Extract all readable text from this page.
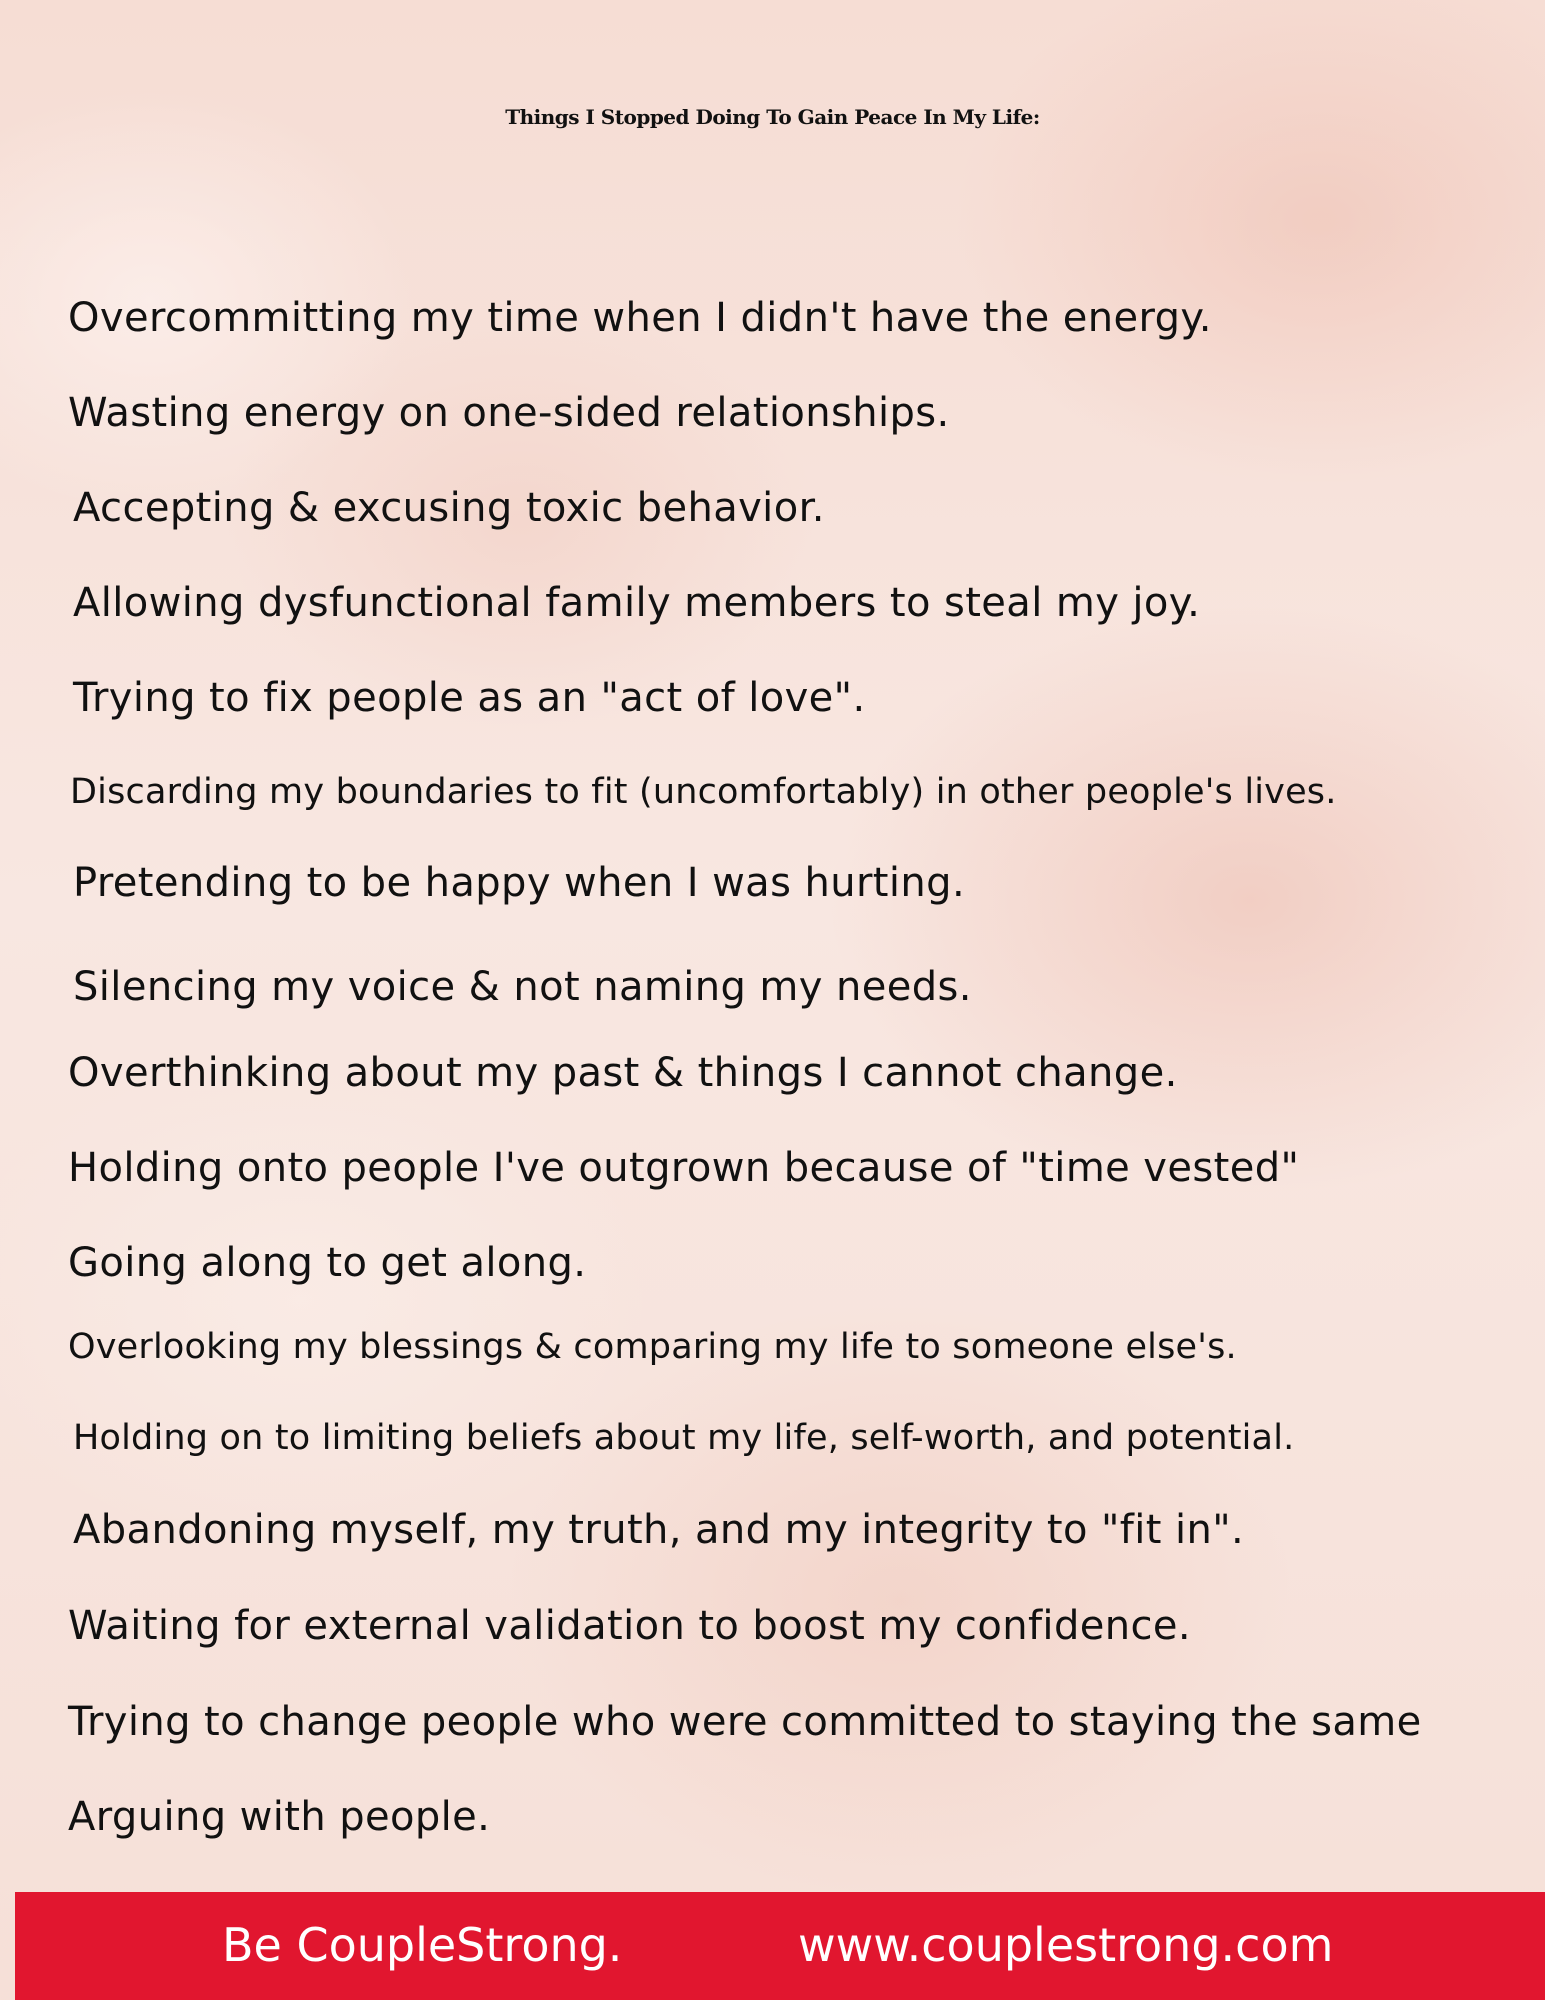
Things I Stopped Doing To Gain Peace In My Life:
Overcommitting my time when I didn't have the energy.
Wasting energy on one-sided relationships.
Accepting & excusing toxic behavior.
Allowing dysfunctional family members to steal my joy.
Trying to fix people as an "act of love".
Discarding my boundaries to fit (uncomfortably) in other people's lives.
Pretending to be happy when I was hurting.
Silencing my voice & not naming my needs.
Overthinking about my past & things I cannot change.
Holding onto people I've outgrown because of "time vested"
Going along to get along.
Overlooking my blessings & comparing my life to someone else's.
Holding on to limiting beliefs about my life, self-worth, and potential.
Abandoning myself, my truth, and my integrity to "fit in".
Waiting for external validation to boost my confidence.
Trying to change people who were committed to staying the same
Arguing with people.
Be CoupleStrong.	www.couplestrong.com
